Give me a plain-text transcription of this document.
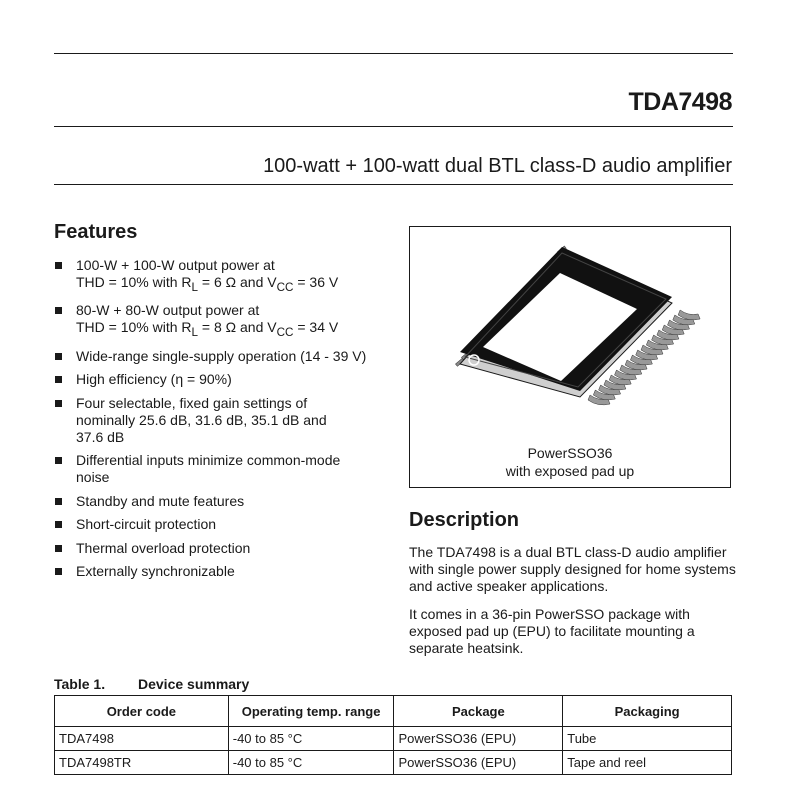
TDA7498
100-watt + 100-watt dual BTL class-D audio amplifier
Features
100-W + 100-W output power at
THD = 10% with $R_L = 6$ Ω and $V_{CC} = 36$ V
80-W + 80-W output power at
THD = 10% with $R_L = 8$ Ω and $V_{CC} = 34$ V
Wide-range single-supply operation (14 - 39 V)
High efficiency (η = 90%)
Four selectable, fixed gain settings of
nominally 25.6 dB, 31.6 dB, 35.1 dB and
37.6 dB
Differential inputs minimize common-mode
noise
Standby and mute features
Short-circuit protection
Thermal overload protection
Externally synchronizable
PowerSSO36
with exposed pad up
Description

The TDA7498 is a dual BTL class-D audio amplifier with single power supply designed for home systems and active speaker applications.

It comes in a 36-pin PowerSSO package with exposed pad up (EPU) to facilitate mounting a separate heatsink.

Table 1. Device summary
Order code	Operating temp. range	Package	Packaging
TDA7498	-40 to 85 °C	PowerSSO36 (EPU)	Tube
TDA7498TR	-40 to 85 °C	PowerSSO36 (EPU)	Tape and reel
